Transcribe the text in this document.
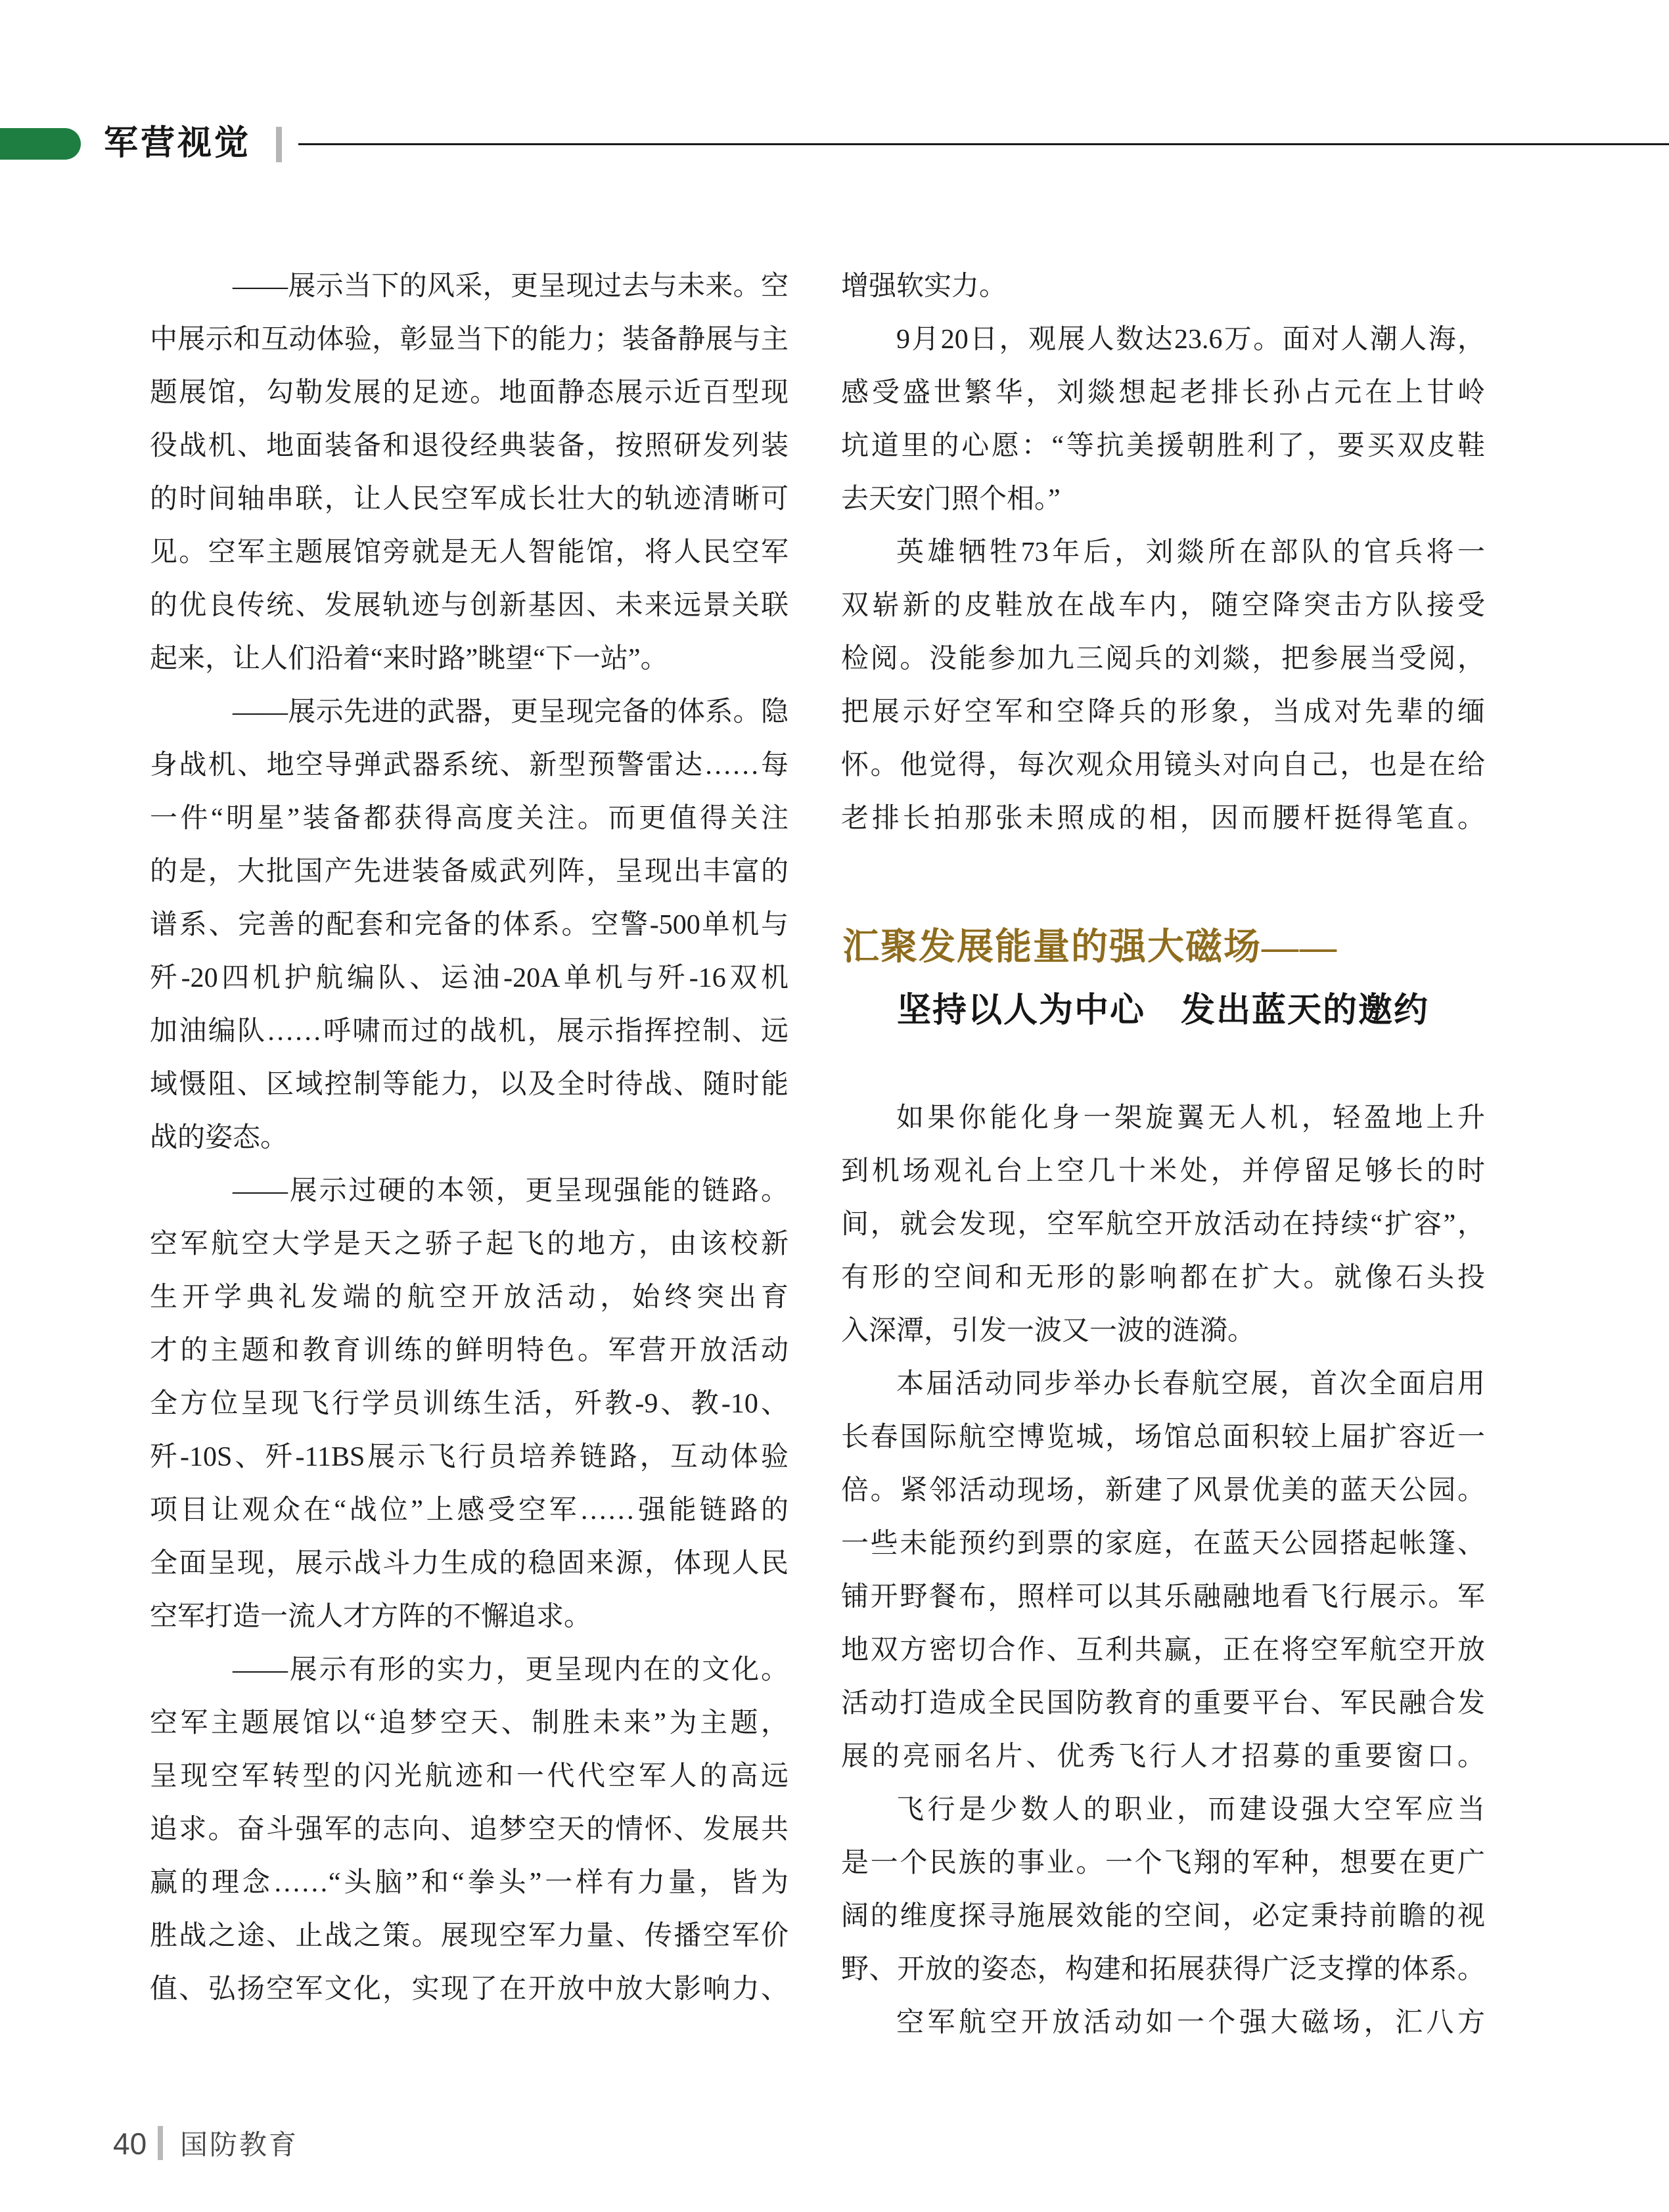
军营视觉
——展示当下的风采，更呈现过去与未来。空
中展示和互动体验，彰显当下的能力；装备静展与主
题展馆，勾勒发展的足迹。地面静态展示近百型现
役战机、地面装备和退役经典装备，按照研发列装
的时间轴串联，让人民空军成长壮大的轨迹清晰可
见。空军主题展馆旁就是无人智能馆，将人民空军
的优良传统、发展轨迹与创新基因、未来远景关联
起来，让人们沿着“来时路”眺望“下一站”。
——展示先进的武器，更呈现完备的体系。隐
身战机、地空导弹武器系统、新型预警雷达……每
一件“明星”装备都获得高度关注。而更值得关注
的是，大批国产先进装备威武列阵，呈现出丰富的
谱系、完善的配套和完备的体系。空警-500单机与
歼-20四机护航编队、运油-20A单机与歼-16双机
加油编队……呼啸而过的战机，展示指挥控制、远
域慑阻、区域控制等能力，以及全时待战、随时能
战的姿态。
——展示过硬的本领，更呈现强能的链路。
空军航空大学是天之骄子起飞的地方，由该校新
生开学典礼发端的航空开放活动，始终突出育
才的主题和教育训练的鲜明特色。军营开放活动
全方位呈现飞行学员训练生活，歼教-9、教-10、
歼-10S、歼-11BS展示飞行员培养链路，互动体验
项目让观众在“战位”上感受空军……强能链路的
全面呈现，展示战斗力生成的稳固来源，体现人民
空军打造一流人才方阵的不懈追求。
——展示有形的实力，更呈现内在的文化。
空军主题展馆以“追梦空天、制胜未来”为主题，
呈现空军转型的闪光航迹和一代代空军人的高远
追求。奋斗强军的志向、追梦空天的情怀、发展共
赢的理念……“头脑”和“拳头”一样有力量，皆为
胜战之途、止战之策。展现空军力量、传播空军价
值、弘扬空军文化，实现了在开放中放大影响力、
增强软实力。
9月20日，观展人数达23.6万。面对人潮人海，
感受盛世繁华，刘燚想起老排长孙占元在上甘岭
坑道里的心愿：“等抗美援朝胜利了，要买双皮鞋
去天安门照个相。”
英雄牺牲73年后，刘燚所在部队的官兵将一
双崭新的皮鞋放在战车内，随空降突击方队接受
检阅。没能参加九三阅兵的刘燚，把参展当受阅，
把展示好空军和空降兵的形象，当成对先辈的缅
怀。他觉得，每次观众用镜头对向自己，也是在给
老排长拍那张未照成的相，因而腰杆挺得笔直。
汇聚发展能量的强大磁场——
坚持以人为中心　发出蓝天的邀约
如果你能化身一架旋翼无人机，轻盈地上升
到机场观礼台上空几十米处，并停留足够长的时
间，就会发现，空军航空开放活动在持续“扩容”，
有形的空间和无形的影响都在扩大。就像石头投
入深潭，引发一波又一波的涟漪。
本届活动同步举办长春航空展，首次全面启用
长春国际航空博览城，场馆总面积较上届扩容近一
倍。紧邻活动现场，新建了风景优美的蓝天公园。
一些未能预约到票的家庭，在蓝天公园搭起帐篷、
铺开野餐布，照样可以其乐融融地看飞行展示。军
地双方密切合作、互利共赢，正在将空军航空开放
活动打造成全民国防教育的重要平台、军民融合发
展的亮丽名片、优秀飞行人才招募的重要窗口。
飞行是少数人的职业，而建设强大空军应当
是一个民族的事业。一个飞翔的军种，想要在更广
阔的维度探寻施展效能的空间，必定秉持前瞻的视
野、开放的姿态，构建和拓展获得广泛支撑的体系。
空军航空开放活动如一个强大磁场，汇八方
40 国防教育
